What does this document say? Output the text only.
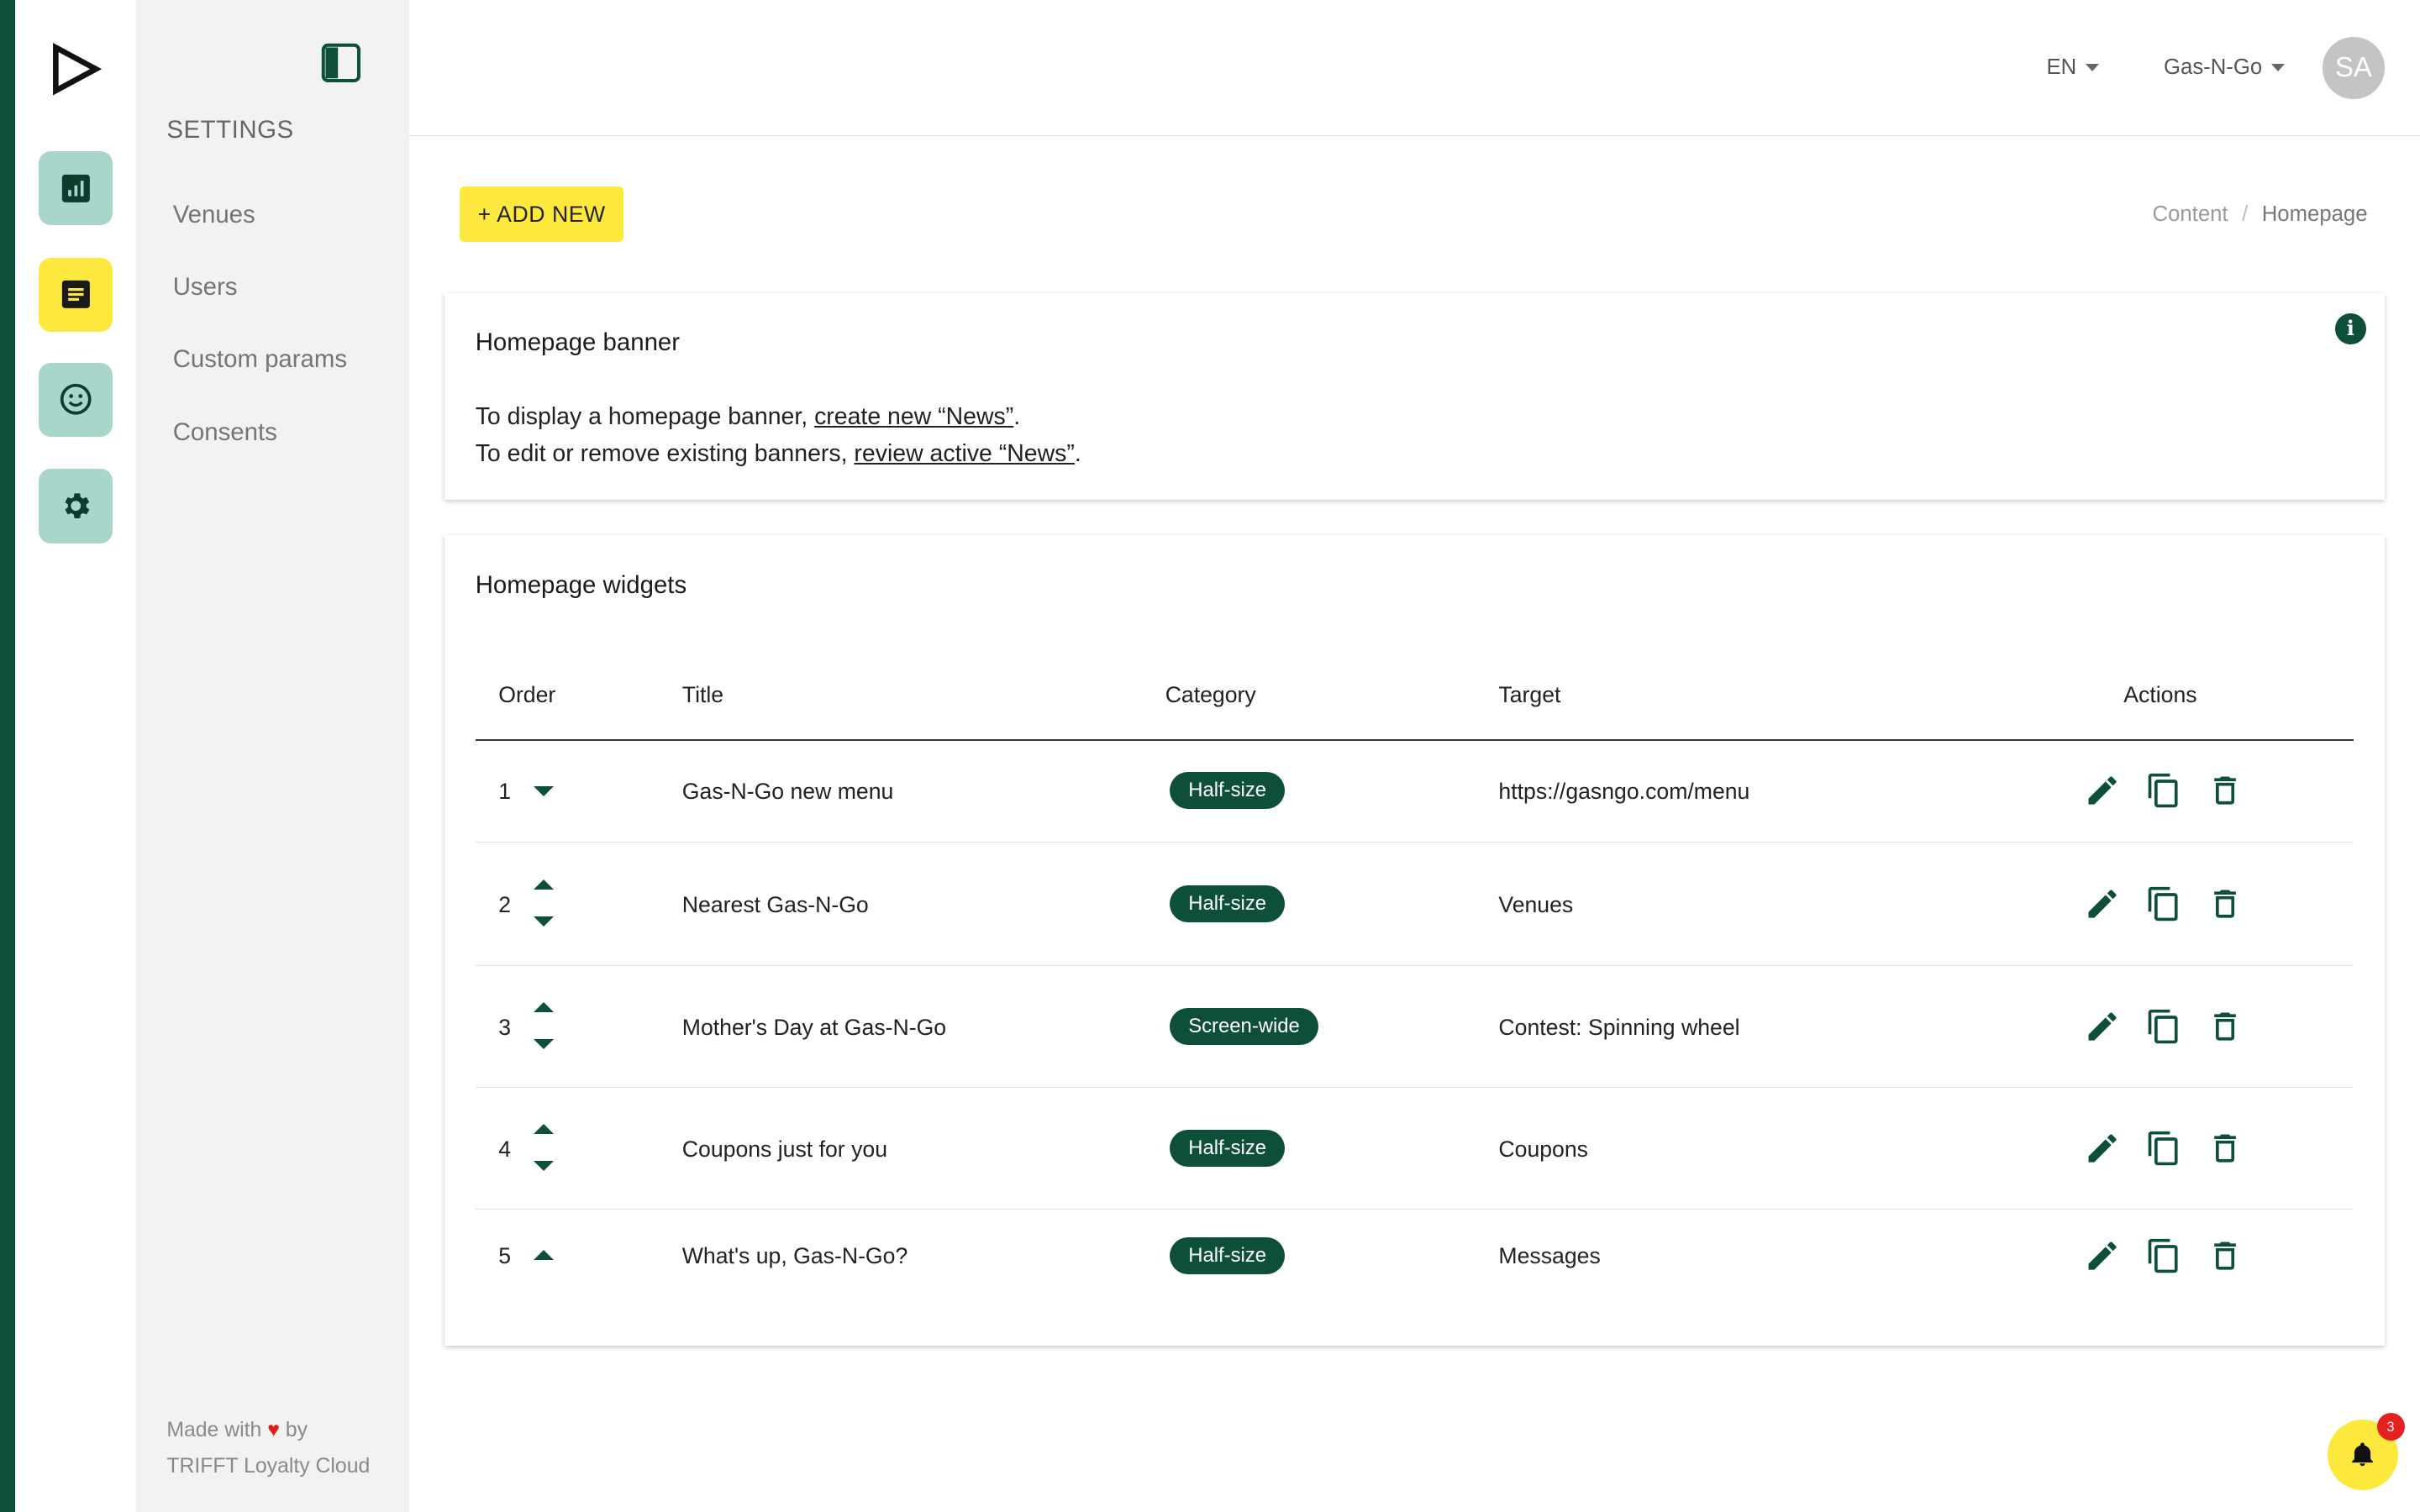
SETTINGS
Venues
Users
Custom params
Consents
Made with ♥ by
TRIFFT Loyalty Cloud
EN	Gas-N-Go	SA
+ ADD NEW	Content / Homepage
Homepage banner	i
To display a homepage banner, create new “News”.
To edit or remove existing banners, review active “News”.
Homepage widgets
Order	Title	Category	Target	Actions
1	Gas-N-Go new menu	Half-size	https://gasngo.com/menu
2	Nearest Gas-N-Go	Half-size	Venues
3	Mother's Day at Gas-N-Go	Screen-wide	Contest: Spinning wheel
4	Coupons just for you	Half-size	Coupons
5	What's up, Gas-N-Go?	Half-size	Messages
3
